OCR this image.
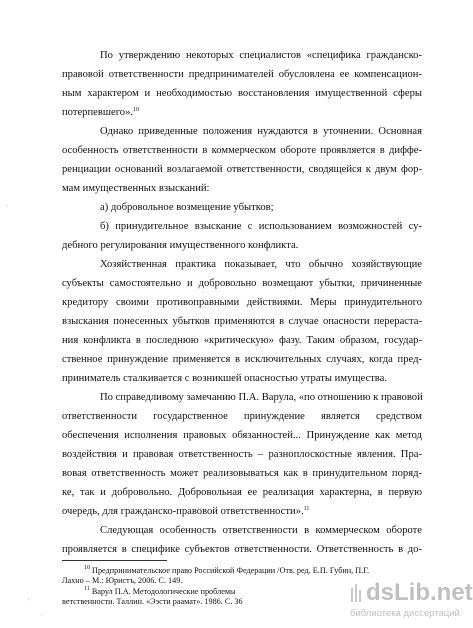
По утверждению некоторых специалистов «специфика гражданско-
правовой ответственности предпринимателей обусловлена ее компенсацион-
ным характером и необходимостью восстановления имущественной сферы
потерпевшего».$^{10}$
Однако приведенные положения нуждаются в уточнении. Основная
особенность ответственности в коммерческом обороте проявляется в диффе-
ренциации оснований возлагаемой ответственности, сводящейся к двум фор-
мам имущественных взысканий:
а) добровольное возмещение убытков;
б) принудительное взыскание с использованием возможностей су-
дебного регулирования имущественного конфликта.
Хозяйственная практика показывает, что обычно хозяйствующие
субъекты самостоятельно и добровольно возмещают убытки, причиненные
кредитору своими противоправными действиями. Меры принудительного
взыскания понесенных убытков применяются в случае опасности перераста-
ния конфликта в последнюю «критическую» фазу. Таким образом, государ-
ственное принуждение применяется в исключительных случаях, когда пред-
приниматель сталкивается с возникшей опасностью утраты имущества.
По справедливому замечанию П.А. Варула, «по отношению к правовой
ответственности государственное принуждение является средством
обеспечения исполнения правовых обязанностей... Принуждение как метод
воздействия и правовая ответственность – разноплоскостные явления. Пра-
вовая ответственность может реализовываться как в принудительном поряд-
ке, так и добровольно. Добровольная ее реализация характерна, в первую
очередь, для гражданско-правовой ответственности».$^{11}$
Следующая особенность ответственности в коммерческом обороте
проявляется в специфике субъектов ответственности. Ответственность в до-
$^{10}$ Предпринимательское право Российской Федерации /Отв. ред. Е.П. Губин, П.Г.
Лахно – М.: Юристъ, 2006. С. 149.
$^{11}$ Варул П.А. Методологические проблемы
ветственности. Таллин. «Ээсти раамат». 1986. С. 36
.
'
·
dsLib.net
библиотека диссертаций
